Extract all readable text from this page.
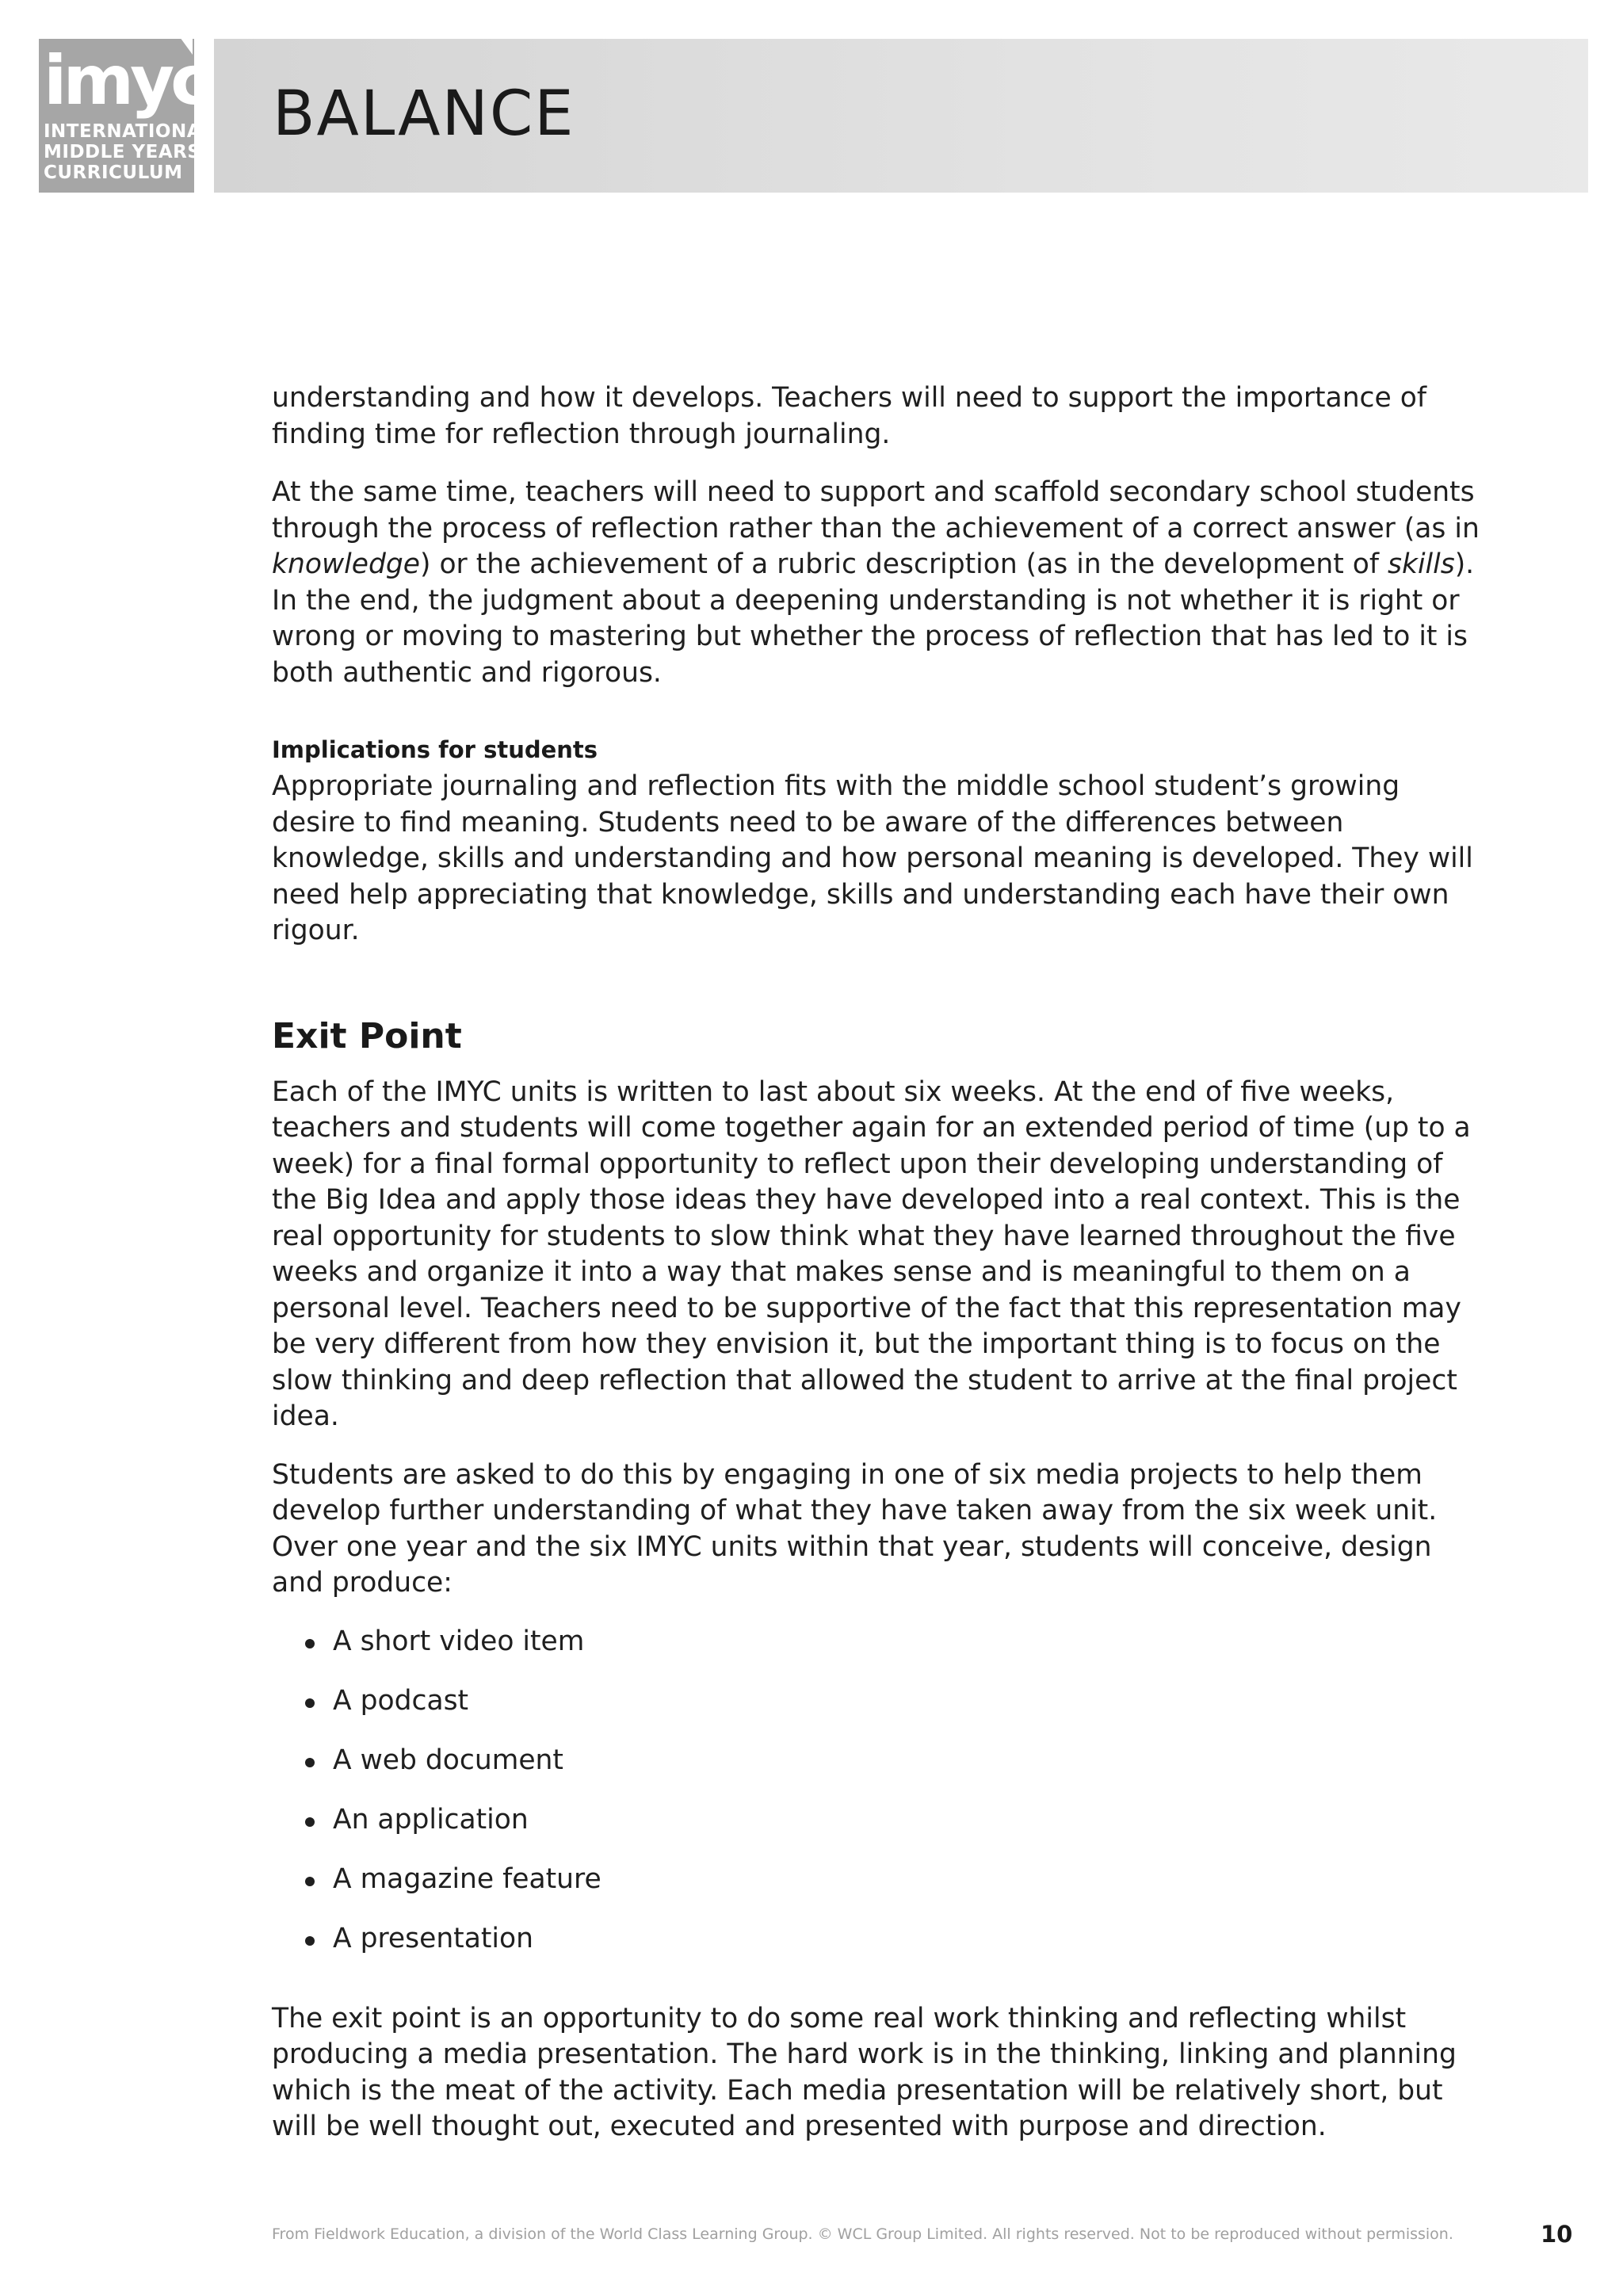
imyc
INTERNATIONAL
MIDDLE YEARS
CURRICULUM
BALANCE

understanding and how it develops. Teachers will need to support the importance of finding time for reflection through journaling.

At the same time, teachers will need to support and scaffold secondary school students through the process of reflection rather than the achievement of a correct answer (as in knowledge) or the achievement of a rubric description (as in the development of skills). In the end, the judgment about a deepening understanding is not whether it is right or wrong or moving to mastering but whether the process of reflection that has led to it is both authentic and rigorous.

Implications for students

Appropriate journaling and reflection fits with the middle school student’s growing desire to find meaning. Students need to be aware of the differences between knowledge, skills and understanding and how personal meaning is developed. They will need help appreciating that knowledge, skills and understanding each have their own rigour.

Exit Point

Each of the IMYC units is written to last about six weeks. At the end of five weeks, teachers and students will come together again for an extended period of time (up to a week) for a final formal opportunity to reflect upon their developing understanding of the Big Idea and apply those ideas they have developed into a real context. This is the real opportunity for students to slow think what they have learned throughout the five weeks and organize it into a way that makes sense and is meaningful to them on a personal level. Teachers need to be supportive of the fact that this representation may be very different from how they envision it, but the important thing is to focus on the slow thinking and deep reflection that allowed the student to arrive at the final project idea.

Students are asked to do this by engaging in one of six media projects to help them develop further understanding of what they have taken away from the six week unit.
Over one year and the six IMYC units within that year, students will conceive, design and produce:

A short video item
A podcast
A web document
An application
A magazine feature
A presentation

The exit point is an opportunity to do some real work thinking and reflecting whilst producing a media presentation. The hard work is in the thinking, linking and planning which is the meat of the activity. Each media presentation will be relatively short, but will be well thought out, executed and presented with purpose and direction.

From Fieldwork Education, a division of the World Class Learning Group. © WCL Group Limited. All rights reserved. Not to be reproduced without permission.	10
